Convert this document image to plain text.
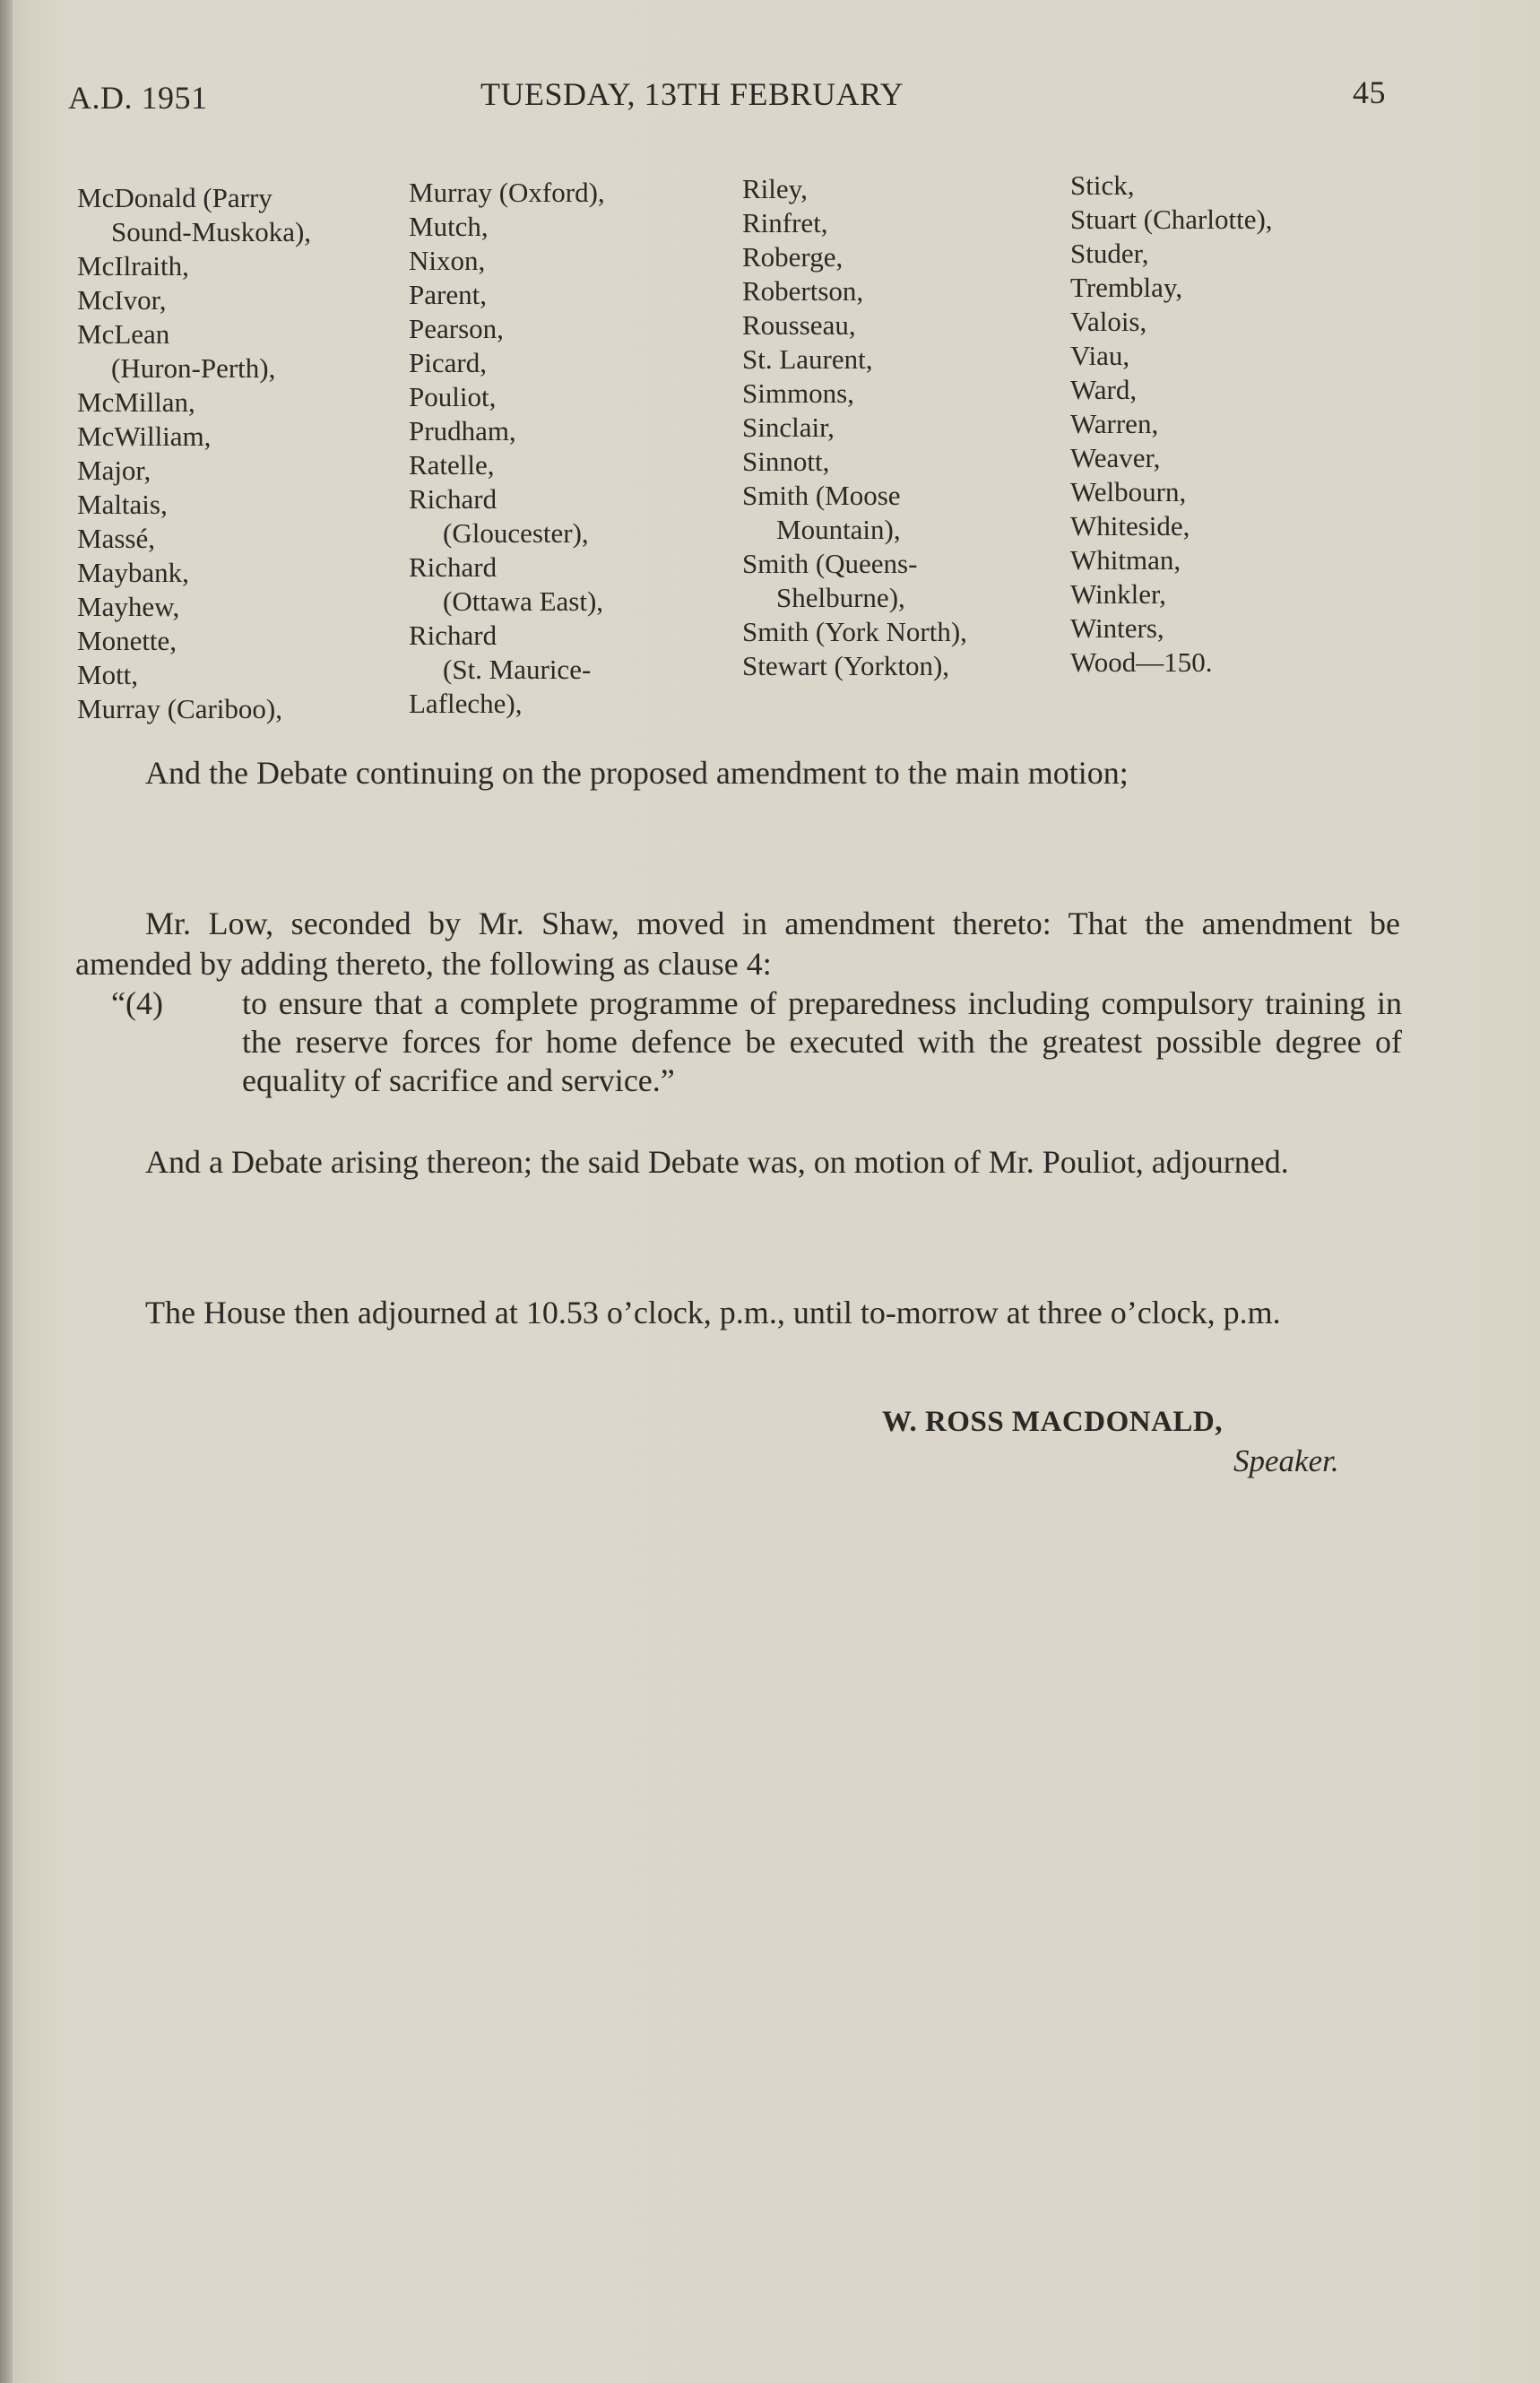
A.D. 1951	TUESDAY, 13TH FEBRUARY	45
McDonald (Parry
Sound-Muskoka),
McIlraith,
McIvor,
McLean
(Huron-Perth),
McMillan,
McWilliam,
Major,
Maltais,
Massé,
Maybank,
Mayhew,
Monette,
Mott,
Murray (Cariboo),
Murray (Oxford),
Mutch,
Nixon,
Parent,
Pearson,
Picard,
Pouliot,
Prudham,
Ratelle,
Richard
(Gloucester),
Richard
(Ottawa East),
Richard
(St. Maurice-
Lafleche),
Riley,
Rinfret,
Roberge,
Robertson,
Rousseau,
St. Laurent,
Simmons,
Sinclair,
Sinnott,
Smith (Moose
Mountain),
Smith (Queens-
Shelburne),
Smith (York North),
Stewart (Yorkton),
Stick,
Stuart (Charlotte),
Studer,
Tremblay,
Valois,
Viau,
Ward,
Warren,
Weaver,
Welbourn,
Whiteside,
Whitman,
Winkler,
Winters,
Wood—150.
And the Debate continuing on the proposed amendment to the main motion;
Mr. Low, seconded by Mr. Shaw, moved in amendment thereto: That the amendment be amended by adding thereto, the following as clause 4:
“(4) to ensure that a complete programme of preparedness including compulsory training in the reserve forces for home defence be executed with the greatest possible degree of equality of sacrifice and service.”
And a Debate arising thereon; the said Debate was, on motion of Mr. Pouliot, adjourned.
The House then adjourned at 10.53 o’clock, p.m., until to-morrow at three o’clock, p.m.
W. ROSS MACDONALD,
Speaker.
